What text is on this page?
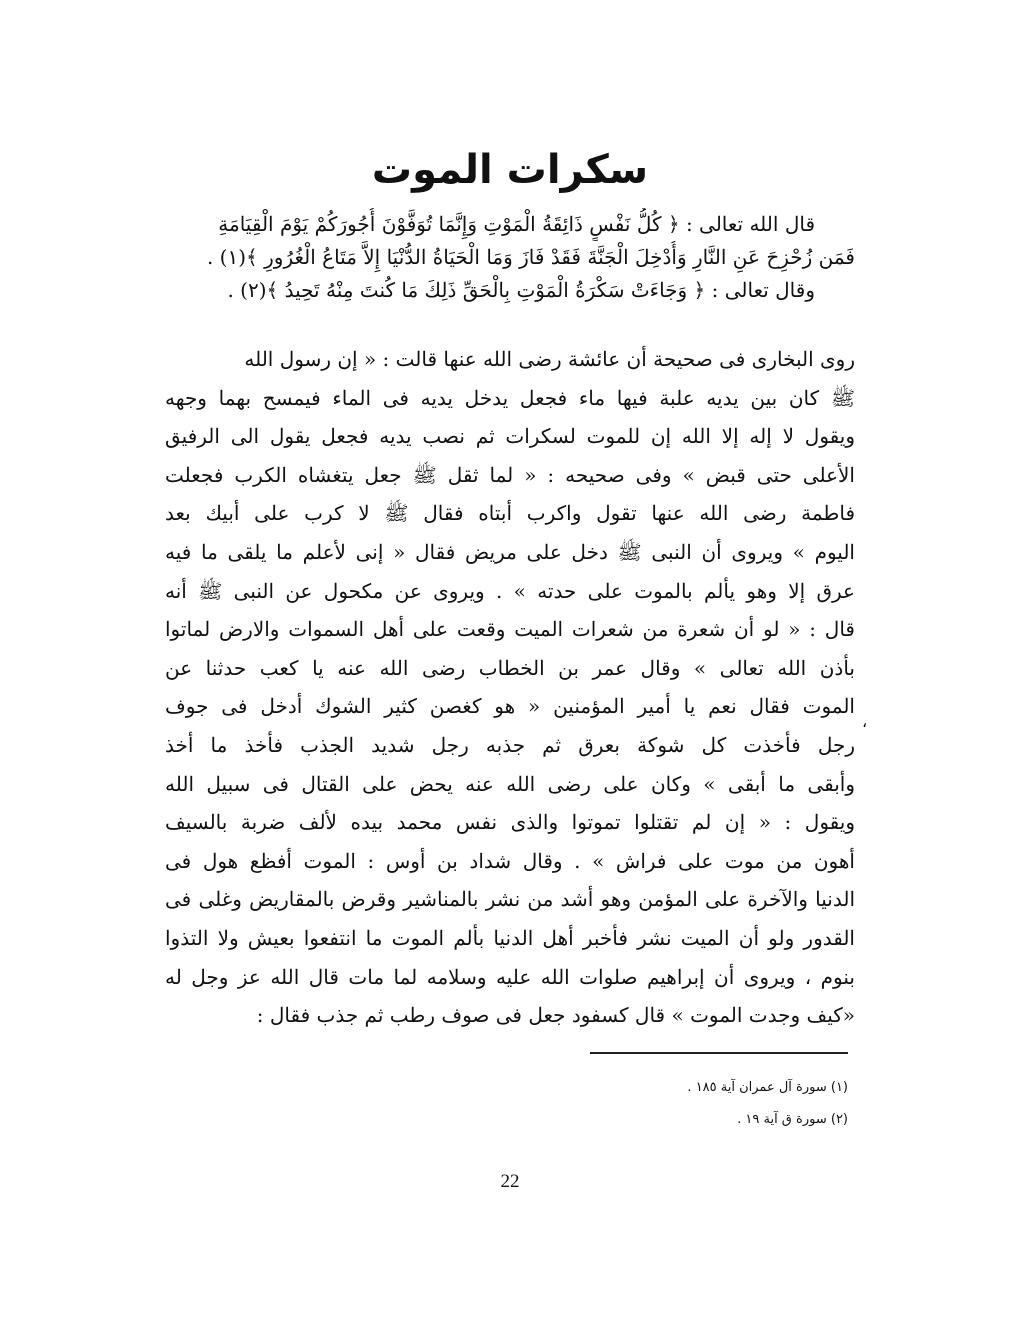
سكرات الموت
قال الله تعالى : ﴿ كُلُّ نَفْسٍ ذَائِقَةُ الْمَوْتِ وَإِنَّمَا تُوَفَّوْنَ أُجُورَكُمْ يَوْمَ الْقِيَامَةِ
فَمَن زُحْزِحَ عَنِ النَّارِ وَأُدْخِلَ الْجَنَّةَ فَقَدْ فَازَ وَمَا الْحَيَاةُ الدُّنْيَا إِلاَّ مَتَاعُ الْغُرُورِ ﴾(١) .
وقال تعالى : ﴿ وَجَاءَتْ سَكْرَةُ الْمَوْتِ بِالْحَقِّ ذَلِكَ مَا كُنتَ مِنْهُ تَحِيدُ ﴾(٢) .
روى البخارى فى صحيحة أن عائشة رضى الله عنها قالت : « إن رسول الله
ﷺ كان بين يديه علبة فيها ماء فجعل يدخل يديه فى الماء فيمسح بهما وجهه
ويقول لا إله إلا الله إن للموت لسكرات ثم نصب يديه فجعل يقول الى الرفيق
الأعلى حتى قبض » وفى صحيحه : « لما ثقل ﷺ جعل يتغشاه الكرب فجعلت
فاطمة رضى الله عنها تقول واكرب أبتاه فقال ﷺ لا كرب على أبيك بعد
اليوم » ويروى أن النبى ﷺ دخل على مريض فقال « إنى لأعلم ما يلقى ما فيه
عرق إلا وهو يألم بالموت على حدته » . ويروى عن مكحول عن النبى ﷺ أنه
قال : « لو أن شعرة من شعرات الميت وقعت على أهل السموات والارض لماتوا
بأذن الله تعالى » وقال عمر بن الخطاب رضى الله عنه يا كعب حدثنا عن
الموت فقال نعم يا أمير المؤمنين « هو كغصن كثير الشوك أدخل فى جوف
رجل فأخذت كل شوكة بعرق ثم جذبه رجل شديد الجذب فأخذ ما أخذ
وأبقى ما أبقى » وكان على رضى الله عنه يحض على القتال فى سبيل الله
ويقول : « إن لم تقتلوا تموتوا والذى نفس محمد بيده لألف ضربة بالسيف
أهون من موت على فراش » . وقال شداد بن أوس : الموت أفظع هول فى
الدنيا والآخرة على المؤمن وهو أشد من نشر بالمناشير وقرض بالمقاريض وغلى فى
القدور ولو أن الميت نشر فأخبر أهل الدنيا بألم الموت ما انتفعوا بعيش ولا التذوا
بنوم ، ويروى أن إبراهيم صلوات الله عليه وسلامه لما مات قال الله عز وجل له
«كيف وجدت الموت » قال كسفود جعل فى صوف رطب ثم جذب فقال :
،
(١) سورة آل عمران آية ١٨٥ .
(٢) سورة ق آية ١٩ .
22
